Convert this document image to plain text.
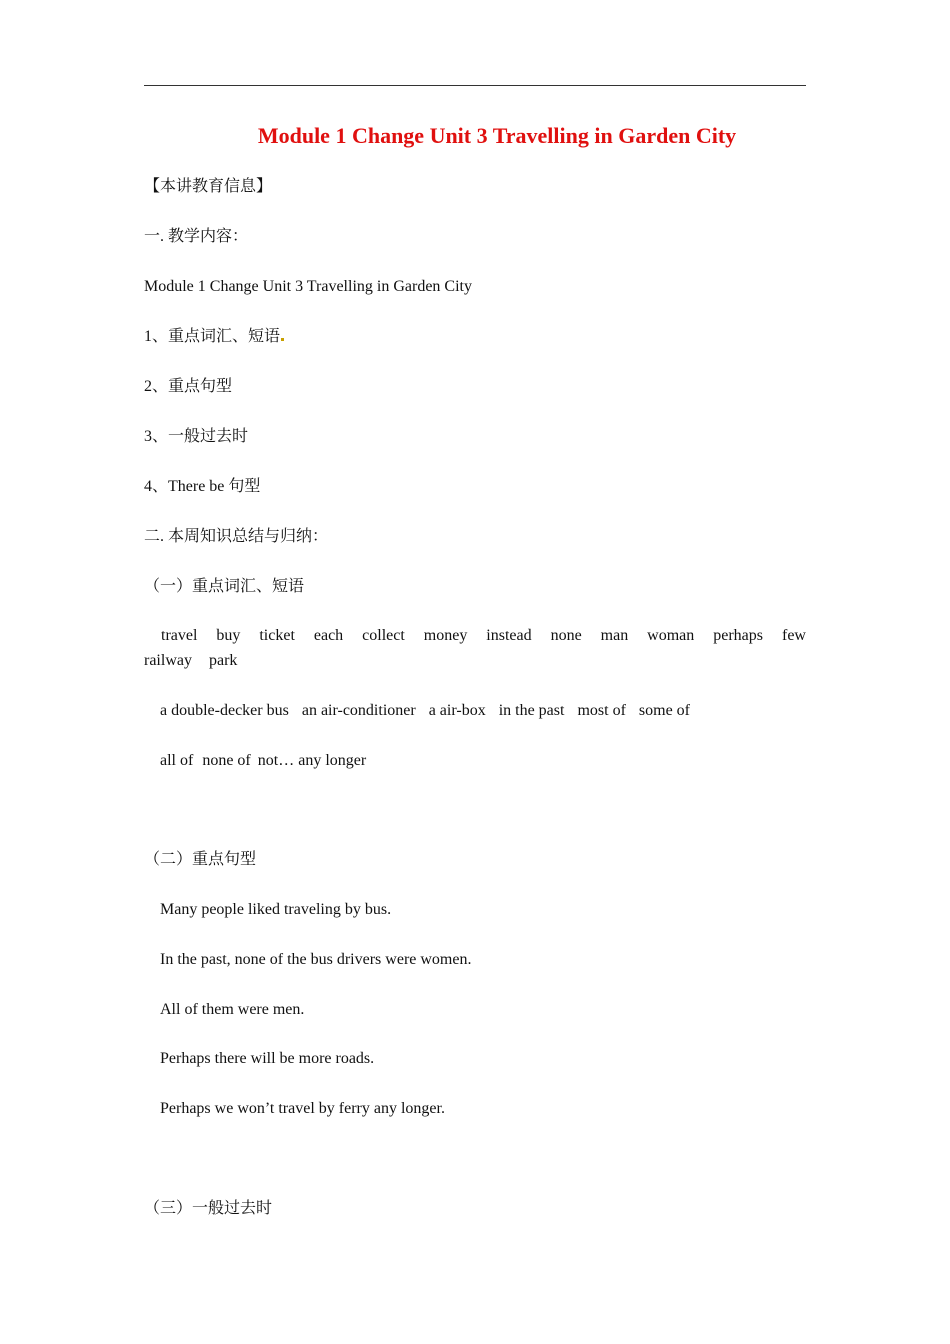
Module 1 Change Unit 3 Travelling in Garden City
【本讲教育信息】
一. 教学内容：
Module 1 Change Unit 3 Travelling in Garden City
1、重点词汇、短语
2、重点句型
3、一般过去时
4、There be 句型
二. 本周知识总结与归纳：
（一）重点词汇、短语
travel buy ticket each collect money instead none man woman perhaps few
railway park
a double-decker bus an air-conditioner a air-box in the past most of some of
all of none of not… any longer
（二）重点句型
Many people liked traveling by bus.
In the past, none of the bus drivers were women.
All of them were men.
Perhaps there will be more roads.
Perhaps we won’t travel by ferry any longer.
（三）一般过去时
